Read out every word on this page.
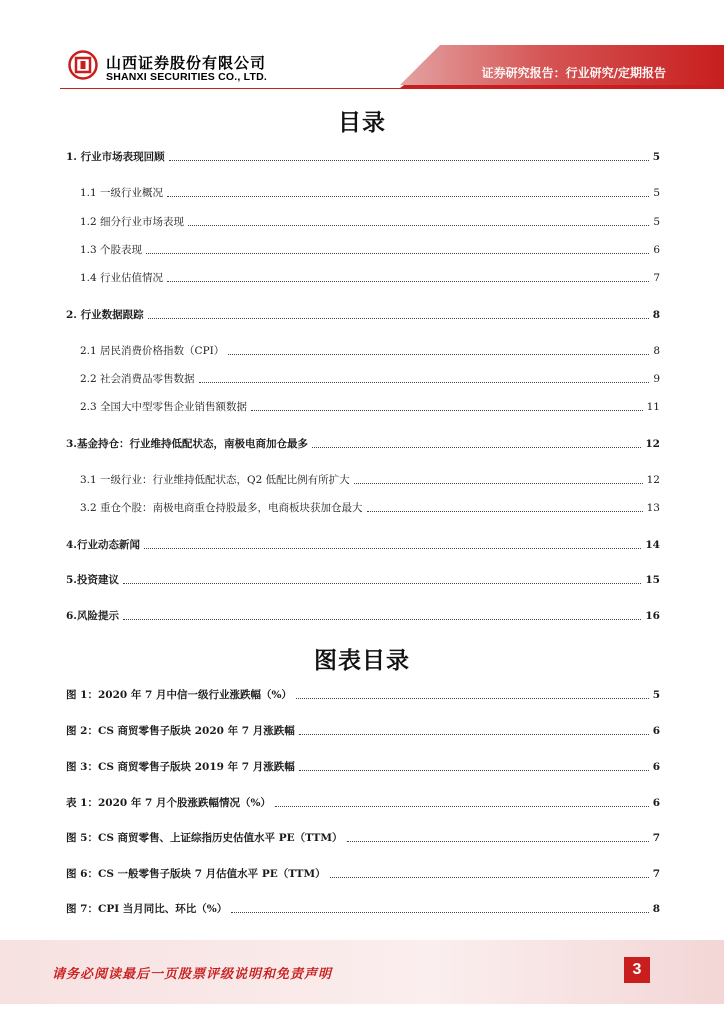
山西证券股份有限公司
SHANXI SECURITIES CO., LTD.	证券研究报告：行业研究/定期报告
目录
1. 行业市场表现回顾	5
1.1 一级行业概况	5
1.2 细分行业市场表现	5
1.3 个股表现	6
1.4 行业估值情况	7
2. 行业数据跟踪	8
2.1 居民消费价格指数（CPI）	8
2.2 社会消费品零售数据	9
2.3 全国大中型零售企业销售额数据	11
3.基金持仓：行业维持低配状态，南极电商加仓最多	12
3.1 一级行业：行业维持低配状态，Q2 低配比例有所扩大	12
3.2 重仓个股：南极电商重仓持股最多，电商板块获加仓最大	13
4.行业动态新闻	14
5.投资建议	15
6.风险提示	16
图表目录
图 1：2020 年 7 月中信一级行业涨跌幅（%）	5
图 2：CS 商贸零售子版块 2020 年 7 月涨跌幅	6
图 3：CS 商贸零售子版块 2019 年 7 月涨跌幅	6
表 1：2020 年 7 月个股涨跌幅情况（%）	6
图 5：CS 商贸零售、上证综指历史估值水平 PE（TTM）	7
图 6：CS 一般零售子版块 7 月估值水平 PE（TTM）	7
图 7：CPI 当月同比、环比（%）	8
请务必阅读最后一页股票评级说明和免责声明	3
